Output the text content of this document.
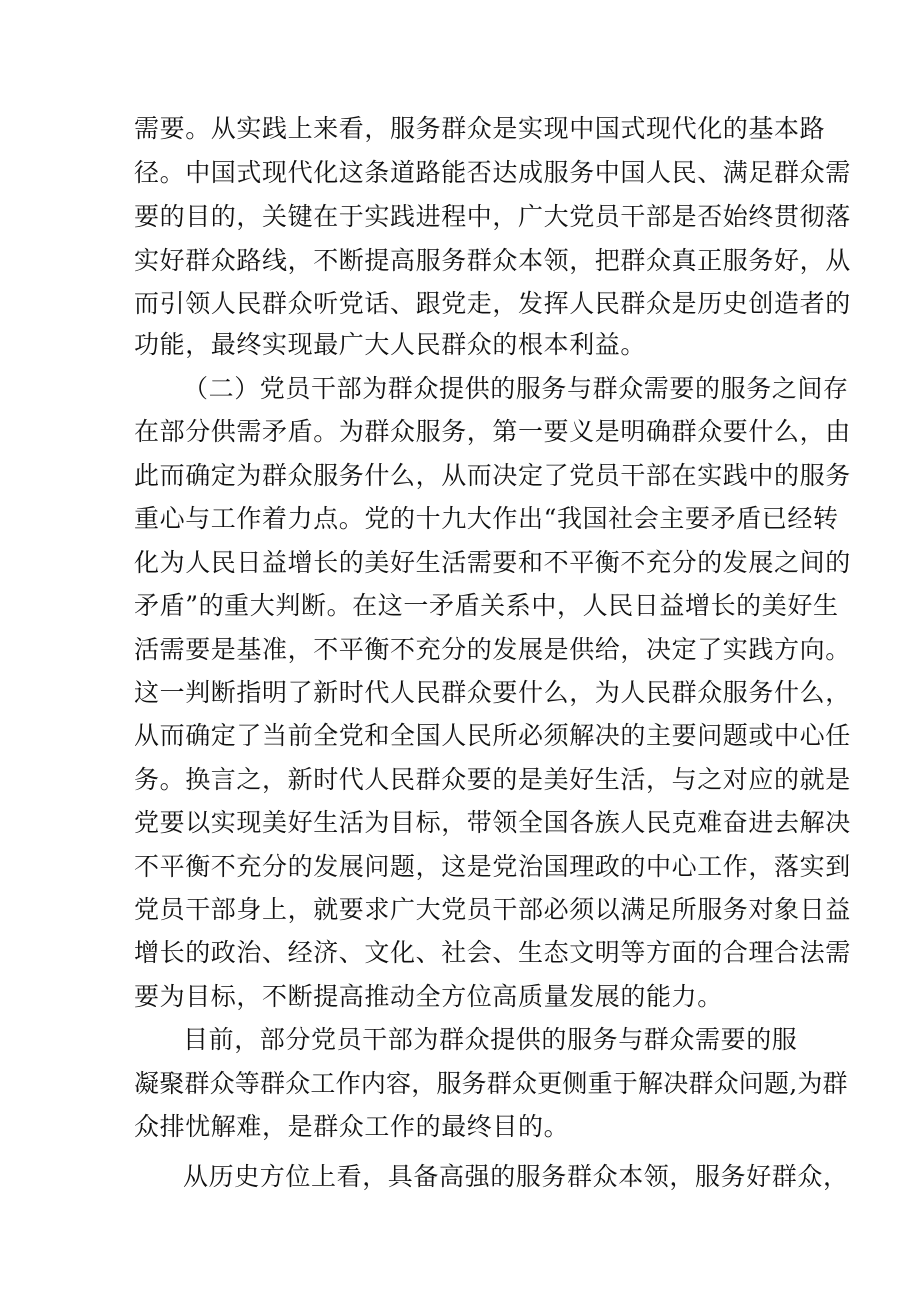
需要。从实践上来看，服务群众是实现中国式现代化的基本路
径。中国式现代化这条道路能否达成服务中国人民、满足群众需
要的目的，关键在于实践进程中，广大党员干部是否始终贯彻落
实好群众路线，不断提高服务群众本领，把群众真正服务好，从
而引领人民群众听党话、跟党走，发挥人民群众是历史创造者的
功能，最终实现最广大人民群众的根本利益。
（二）党员干部为群众提供的服务与群众需要的服务之间存
在部分供需矛盾。为群众服务，第一要义是明确群众要什么，由
此而确定为群众服务什么，从而决定了党员干部在实践中的服务
重心与工作着力点。党的十九大作出“我国社会主要矛盾已经转
化为人民日益增长的美好生活需要和不平衡不充分的发展之间的
矛盾”的重大判断。在这一矛盾关系中，人民日益增长的美好生
活需要是基准，不平衡不充分的发展是供给，决定了实践方向。
这一判断指明了新时代人民群众要什么，为人民群众服务什么，
从而确定了当前全党和全国人民所必须解决的主要问题或中心任
务。换言之，新时代人民群众要的是美好生活，与之对应的就是
党要以实现美好生活为目标，带领全国各族人民克难奋进去解决
不平衡不充分的发展问题，这是党治国理政的中心工作，落实到
党员干部身上，就要求广大党员干部必须以满足所服务对象日益
增长的政治、经济、文化、社会、生态文明等方面的合理合法需
要为目标，不断提高推动全方位高质量发展的能力。
目前，部分党员干部为群众提供的服务与群众需要的服
凝聚群众等群众工作内容，服务群众更侧重于解决群众问题,为群
众排忧解难，是群众工作的最终目的。
从历史方位上看，具备高强的服务群众本领，服务好群众，
